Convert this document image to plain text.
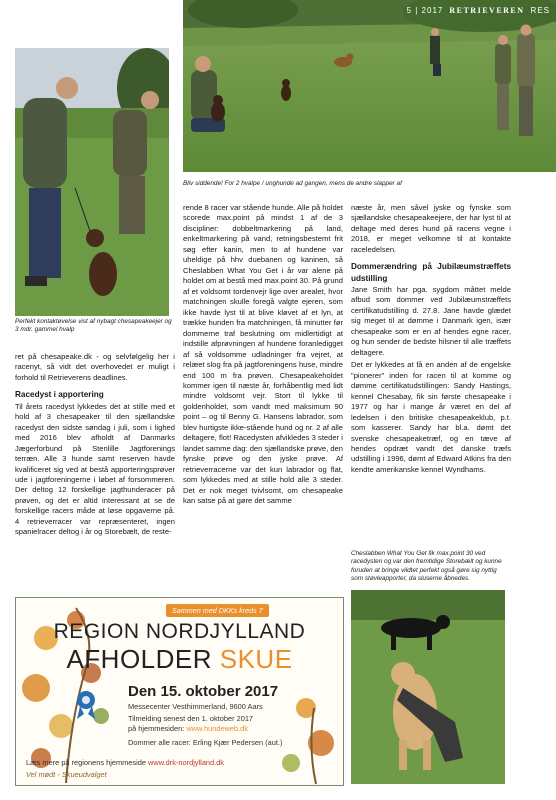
5 | 2017 RETRIEVEREN RES
Bliv siddende! For 2 hvalpe / unghunde ad gangen, mens de andre slapper af
Perfekt kontaktøvelse vist af nybagt chesapeakeejer og 3 mdr. gammel hvalp

ret på chesapeake.dk - og selvfølgelig her i racenyt, så vidt det overhovedet er muligt i forhold til Retrieverens deadlines.

Racedyst i apportering

Til årets racedyst lykkedes det at stille med et hold af 3 chesapeaker til den sjællandske racedyst den sidste søndag i juli, som i lighed med 2016 blev afholdt af Danmarks Jægerforbund på Stenlille Jagtforenings terræn. Alle 3 hunde samt reserven havde kvalificeret sig ved at bestå apporteringsprøver ude i jagtforeningerne i løbet af forsommeren. Der deltog 12 forskellige jagthunderacer på prøven, og det er altid interessant at se de forskellige racers måde at løse opgaverne på. 4 retrieverracer var repræsenteret, ingen spanielracer deltog i år og Storebælt, de reste-

rende 8 racer var stående hunde. Alle på holdet scorede max.point på mindst 1 af de 3 discipliner: dobbeltmarkering på land, enkeltmarkering på vand, retningsbestemt frit søg efter kanin, men to af hundene var uheldige på hhv duebanen og kaninen, så Cheslabben What You Get i år var alene på holdet om at bestå med max.point 30. På grund af et voldsomt tordenvejr lige over arealet, hvor matchningen skulle foregå valgte ejeren, som ikke havde lyst til at blive kløvet af et lyn, at trække hunden fra matchningen, få minutter før dommerne traf beslutning om midlertidigt at indstille afprøvningen af hundene foranledigget af så voldsomme udladninger fra vejret, at relæet slog fra på jagtforeningens huse, mindre end 100 m fra prøven. Chesapeakeholdet kommer igen til næste år, forhåbentlig med lidt mindre voldsomt vejr. Stort til lykke til goldenholdet, som vandt med maksimum 90 point – og til Benny G. Hansens labrador, som blev hurtigste ikke-stående hund og nr. 2 af alle deltagere, flot! Racedysten afvikledes 3 steder i landet samme dag: den sjællandske prøve, den fynske prøve og den jyske prøve. Af retrieverracerne var det kun labrador og flat, som lykkedes med at stille hold alle 3 steder. Det er nok meget tvivlsomt, om chesapeake kan satse på at gøre det samme

næste år, men såvel jyske og fynske som sjællandske chesapeakeejere, der har lyst til at deltage med deres hund på racens vegne i 2018, er meget velkomne til at kontakte raceledelsen.

Dommerændring på Jubilæumstræffets udstilling

Jane Smith har pga. sygdom måttet melde afbud som dommer ved Jubilæumstræffets certifikatudstilling d. 27.8. Jane havde glædet sig meget til at dømme i Danmark igen, især chesapeake som er en af hendes egne racer, og hun sender de bedste hilsner til alle træffets deltagere.

Det er lykkedes at få en anden af de engelske "pionerer" inden for racen til at komme og dømme certifikatudstillingen: Sandy Hastings, kennel Chesabay, fik sin første chesapeake i 1977 og har i mange år været en del af ledelsen i den britiske chesapeakeklub, p.t. som kasserer. Sandy har bl.a. dømt det svenske chesapeaketræf, og en tæve af hendes opdræt vandt det danske træfs udstilling i 1996, dømt af Edward Atkins fra den kendte amerikanske kennel Wyndhams.

Cheslabben What You Get fik max.point 30 ved racedysten og var den fremtidige Storebælt og kunne foruden at bringe vildtet perfekt også gøre sig nyttig som støvleapporter, da sluserne åbnedes.
Sammen med DKKs kreds 7
REGION NORDJYLLAND
AFHOLDER SKUE
Den 15. oktober 2017
Messecenter Vesthimmerland, 9600 Aars
Tilmelding senest den 1. oktober 2017
på hjemmesiden: www.hundeweb.dk
Dommer alle racer: Erling Kjær Pedersen (aut.)
Læs mere på regionens hjemmeside www.drk-nordjylland.dk
Vel mødt - Skueudvalget
